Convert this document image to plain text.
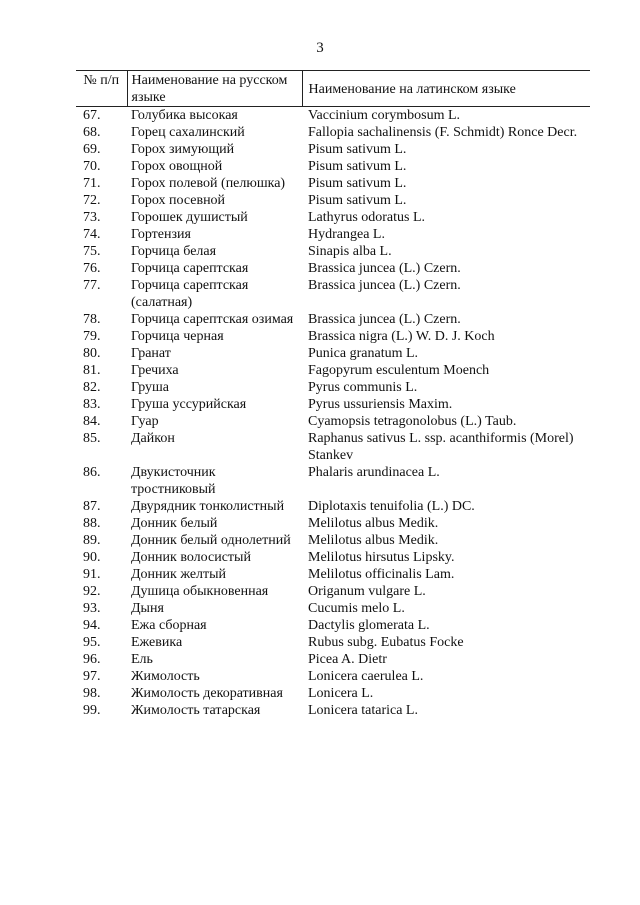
3
№ п/п	Наименование на русском языке	Наименование на латинском языке
67.	Голубика высокая	Vaccinium corymbosum L.
68.	Горец сахалинский	Fallopia sachalinensis (F. Schmidt) Ronce Decr.
69.	Горох зимующий	Pisum sativum L.
70.	Горох овощной	Pisum sativum L.
71.	Горох полевой (пелюшка)	Pisum sativum L.
72.	Горох посевной	Pisum sativum L.
73.	Горошек душистый	Lathyrus odoratus L.
74.	Гортензия	Hydrangea L.
75.	Горчица белая	Sinapis alba L.
76.	Горчица сарептская	Brassica juncea (L.) Czern.
77.	Горчица сарептская (салатная)	Brassica juncea (L.) Czern.
78.	Горчица сарептская озимая	Brassica juncea (L.) Czern.
79.	Горчица черная	Brassica nigra (L.) W. D. J. Koch
80.	Гранат	Punica granatum L.
81.	Гречиха	Fagopyrum esculentum Moench
82.	Груша	Pyrus communis L.
83.	Груша уссурийская	Pyrus ussuriensis Maxim.
84.	Гуар	Cyamopsis tetragonolobus (L.) Taub.
85.	Дайкон	Raphanus sativus L. ssp. acanthiformis (Morel) Stankev
86.	Двукисточник тростниковый	Phalaris arundinacea L.
87.	Двурядник тонколистный	Diplotaxis tenuifolia (L.) DC.
88.	Донник белый	Melilotus albus Medik.
89.	Донник белый однолетний	Melilotus albus Medik.
90.	Донник волосистый	Melilotus hirsutus Lipsky.
91.	Донник желтый	Melilotus officinalis Lam.
92.	Душица обыкновенная	Origanum vulgare L.
93.	Дыня	Cucumis melo L.
94.	Ежа сборная	Dactylis glomerata L.
95.	Ежевика	Rubus subg. Eubatus Focke
96.	Ель	Picea A. Dietr
97.	Жимолость	Lonicera caerulea L.
98.	Жимолость декоративная	Lonicera L.
99.	Жимолость татарская	Lonicera tatarica L.
